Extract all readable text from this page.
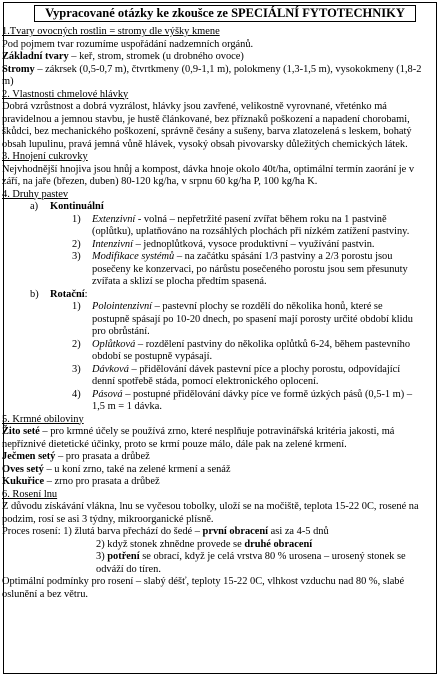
Vypracované otázky ke zkoušce ze SPECIÁLNÍ FYTOTECHNIKY
1.Tvary ovocných rostlin = stromy dle výšky kmene
Pod pojmem tvar rozumíme uspořádání nadzemních orgánů.
Základní tvary – keř, strom, stromek (u drobného ovoce)
Stromy – zákrsek (0,5-0,7 m), čtvrtkmeny (0,9-1,1 m), polokmeny (1,3-1,5 m), vysokokmeny (1,8-2 m)
2. Vlastnosti chmelové hlávky
Dobrá vzrůstnost a dobrá vyzrálost, hlávky jsou zavřené, velikostně vyrovnané, vřeténko má pravidelnou a jemnou stavbu, je hustě článkované, bez příznaků poškození a napadení chorobami, škůdci, bez mechanického poškození, správně česány a sušeny, barva zlatozelená s leskem, bohatý obsah lupulinu, pravá jemná vůně hlávek, vysoký obsah pivovarsky důležitých chemických látek.
3. Hnojení cukrovky
Nejvhodnější hnojiva jsou hnůj a kompost, dávka hnoje okolo 40t/ha, optimální termín zaorání je v září, na jaře (březen, duben) 80-120 kg/ha, v srpnu 60 kg/ha P, 100 kg/ha K.
4. Druhy pastev
a)	Kontinuální
1)	Extenzivní - volná – nepřetržité pasení zvířat během roku na 1 pastvině (oplůtku), uplatňováno na rozsáhlých plochách při nízkém zatížení pastviny.
2)	Intenzivní – jednoplůtková, vysoce produktivní – využívání pastvin.
3)	Modifikace systémů – na začátku spásání 1/3 pastviny a 2/3 porostu jsou posečeny ke konzervaci, po nárůstu posečeného porostu jsou sem přesunuty zvířata a sklizí se plocha předtím spasená.
b)	Rotační:
1)	Polointenzivní – pastevní plochy se rozdělí do několika honů, které se postupně spásají po 10-20 dnech, po spasení mají porosty určité období klidu pro obrůstání.
2)	Oplůtková – rozdělení pastviny do několika oplůtků 6-24, během pastevního období se postupně vypásají.
3)	Dávková – přidělování dávek pastevní píce a plochy porostu, odpovídající denní spotřebě stáda, pomocí elektronického oplocení.
4)	Pásová – postupné přidělování dávky píce ve formě úzkých pásů (0,5-1 m) – 1,5 m = 1 dávka.
5. Krmné obiloviny
Žito seté – pro krmné účely se používá zrno, které nesplňuje potravinářská kritéria jakosti, má nepříznivé dietetické účinky, proto se krmí pouze málo, dále pak na zelené krmení.
Ječmen setý – pro prasata a drůbež
Oves setý – u koní zrno, také na zelené krmení a senáž
Kukuřice – zrno pro prasata a drůbež
6. Rosení lnu
Z důvodu získávání vlákna, lnu se vyčesou tobolky, uloží se na močiště, teplota 15-22 0C, rosené na podzim, rosí se asi 3 týdny, mikroorganické plísně.
Proces rosení: 1) žlutá barva přechází do šedé – první obracení asi za 4-5 dnů
2) když stonek zhnědne provede se druhé obracení
3) potření se obrací, když je celá vrstva 80 % urosena – urosený stonek se odváží do tíren.
Optimální podmínky pro rosení – slabý déšť, teploty 15-22 0C, vlhkost vzduchu nad 80 %, slabé oslunění a bez větru.
